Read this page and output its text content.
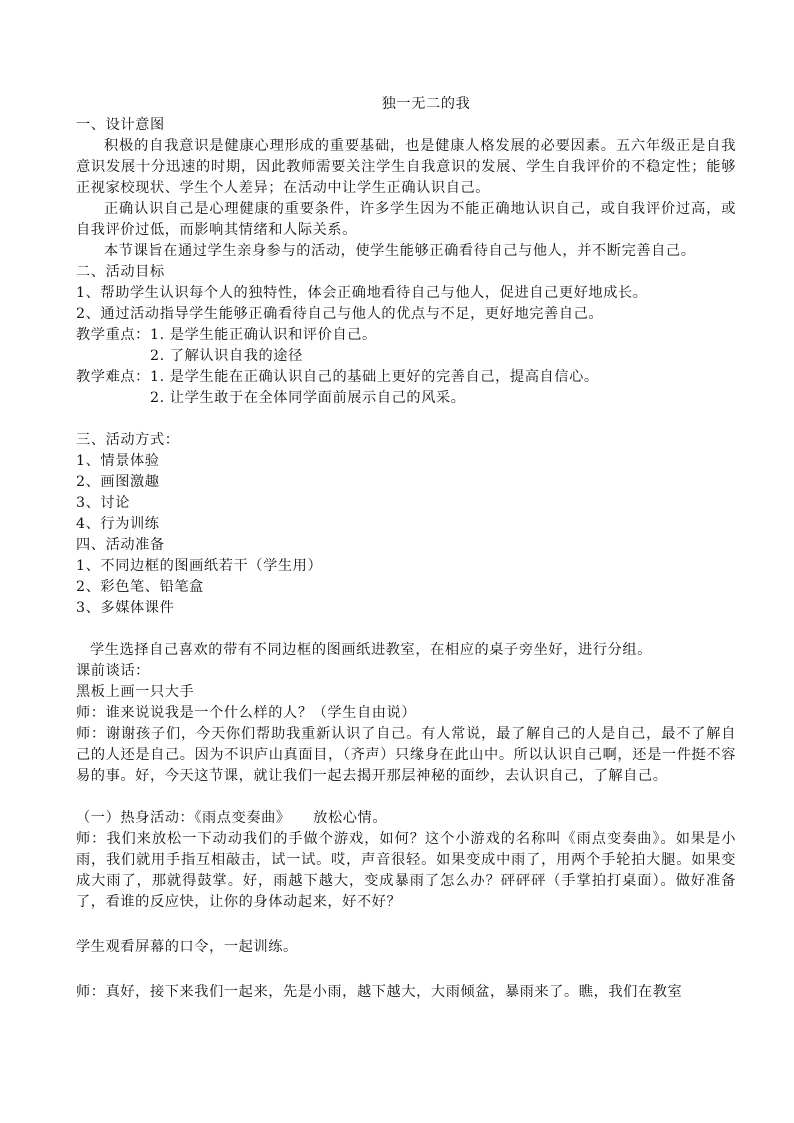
独一无二的我
一、设计意图
积极的自我意识是健康心理形成的重要基础，也是健康人格发展的必要因素。五六年级正是自我意识发展十分迅速的时期，因此教师需要关注学生自我意识的发展、学生自我评价的不稳定性；能够正视家校现状、学生个人差异；在活动中让学生正确认识自己。
正确认识自己是心理健康的重要条件，许多学生因为不能正确地认识自己，或自我评价过高，或自我评价过低，而影响其情绪和人际关系。
本节课旨在通过学生亲身参与的活动，使学生能够正确看待自己与他人，并不断完善自己。
二、活动目标
1、帮助学生认识每个人的独特性，体会正确地看待自己与他人，促进自己更好地成长。
2、通过活动指导学生能够正确看待自己与他人的优点与不足，更好地完善自己。
教学重点： 1. 是学生能正确认识和评价自己。
2. 了解认识自我的途径
教学难点： 1. 是学生能在正确认识自己的基础上更好的完善自己，提高自信心。
2. 让学生敢于在全体同学面前展示自己的风采。
三、活动方式：
1、情景体验
2、画图激趣
3、讨论
4、行为训练
四、活动准备
1、不同边框的图画纸若干（学生用）
2、彩色笔、铅笔盒
3、多媒体课件
学生选择自己喜欢的带有不同边框的图画纸进教室，在相应的桌子旁坐好，进行分组。
课前谈话：
黑板上画一只大手
师：谁来说说我是一个什么样的人？（学生自由说）
师：谢谢孩子们，今天你们帮助我重新认识了自己。有人常说，最了解自己的人是自己，最不了解自己的人还是自己。因为不识庐山真面目，（齐声）只缘身在此山中。所以认识自己啊，还是一件挺不容易的事。好，今天这节课，就让我们一起去揭开那层神秘的面纱，去认识自己，了解自己。
（一）热身活动：《雨点变奏曲》　　放松心情。
师：我们来放松一下动动我们的手做个游戏，如何？这个小游戏的名称叫《雨点变奏曲》。如果是小雨，我们就用手指互相敲击，试一试。哎，声音很轻。如果变成中雨了，用两个手轮拍大腿。如果变成大雨了，那就得鼓掌。好，雨越下越大，变成暴雨了怎么办？砰砰砰（手掌拍打桌面）。做好准备了，看谁的反应快，让你的身体动起来，好不好？
学生观看屏幕的口令，一起训练。
师：真好，接下来我们一起来，先是小雨，越下越大，大雨倾盆，暴雨来了。瞧，我们在教室
